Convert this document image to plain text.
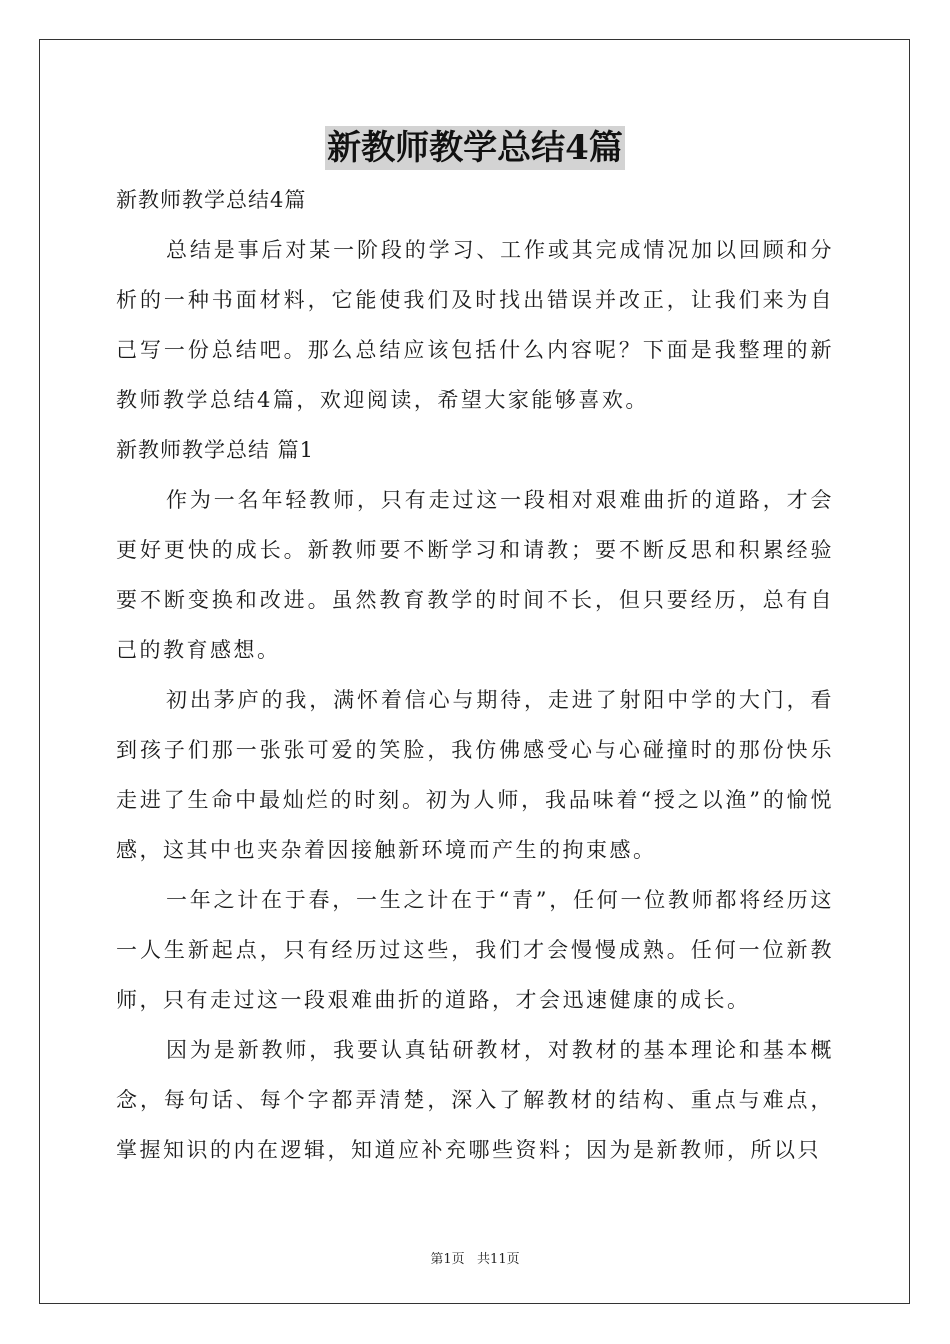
新教师教学总结4篇

新教师教学总结4篇

总结是事后对某一阶段的学习、工作或其完成情况加以回顾和分析的一种书面材料，它能使我们及时找出错误并改正，让我们来为自己写一份总结吧。那么总结应该包括什么内容呢？下面是我整理的新教师教学总结4篇，欢迎阅读，希望大家能够喜欢。

新教师教学总结 篇1

作为一名年轻教师，只有走过这一段相对艰难曲折的道路，才会更好更快的成长。新教师要不断学习和请教；要不断反思和积累经验要不断变换和改进。虽然教育教学的时间不长，但只要经历，总有自己的教育感想。

初出茅庐的我，满怀着信心与期待，走进了射阳中学的大门，看到孩子们那一张张可爱的笑脸，我仿佛感受心与心碰撞时的那份快乐走进了生命中最灿烂的时刻。初为人师，我品味着“授之以渔”的愉悦感，这其中也夹杂着因接触新环境而产生的拘束感。

一年之计在于春，一生之计在于“青”，任何一位教师都将经历这一人生新起点，只有经历过这些，我们才会慢慢成熟。任何一位新教师，只有走过这一段艰难曲折的道路，才会迅速健康的成长。

因为是新教师，我要认真钻研教材，对教材的基本理论和基本概念，每句话、每个字都弄清楚，深入了解教材的结构、重点与难点，掌握知识的内在逻辑，知道应补充哪些资料；因为是新教师，所以只

第1页   共11页
